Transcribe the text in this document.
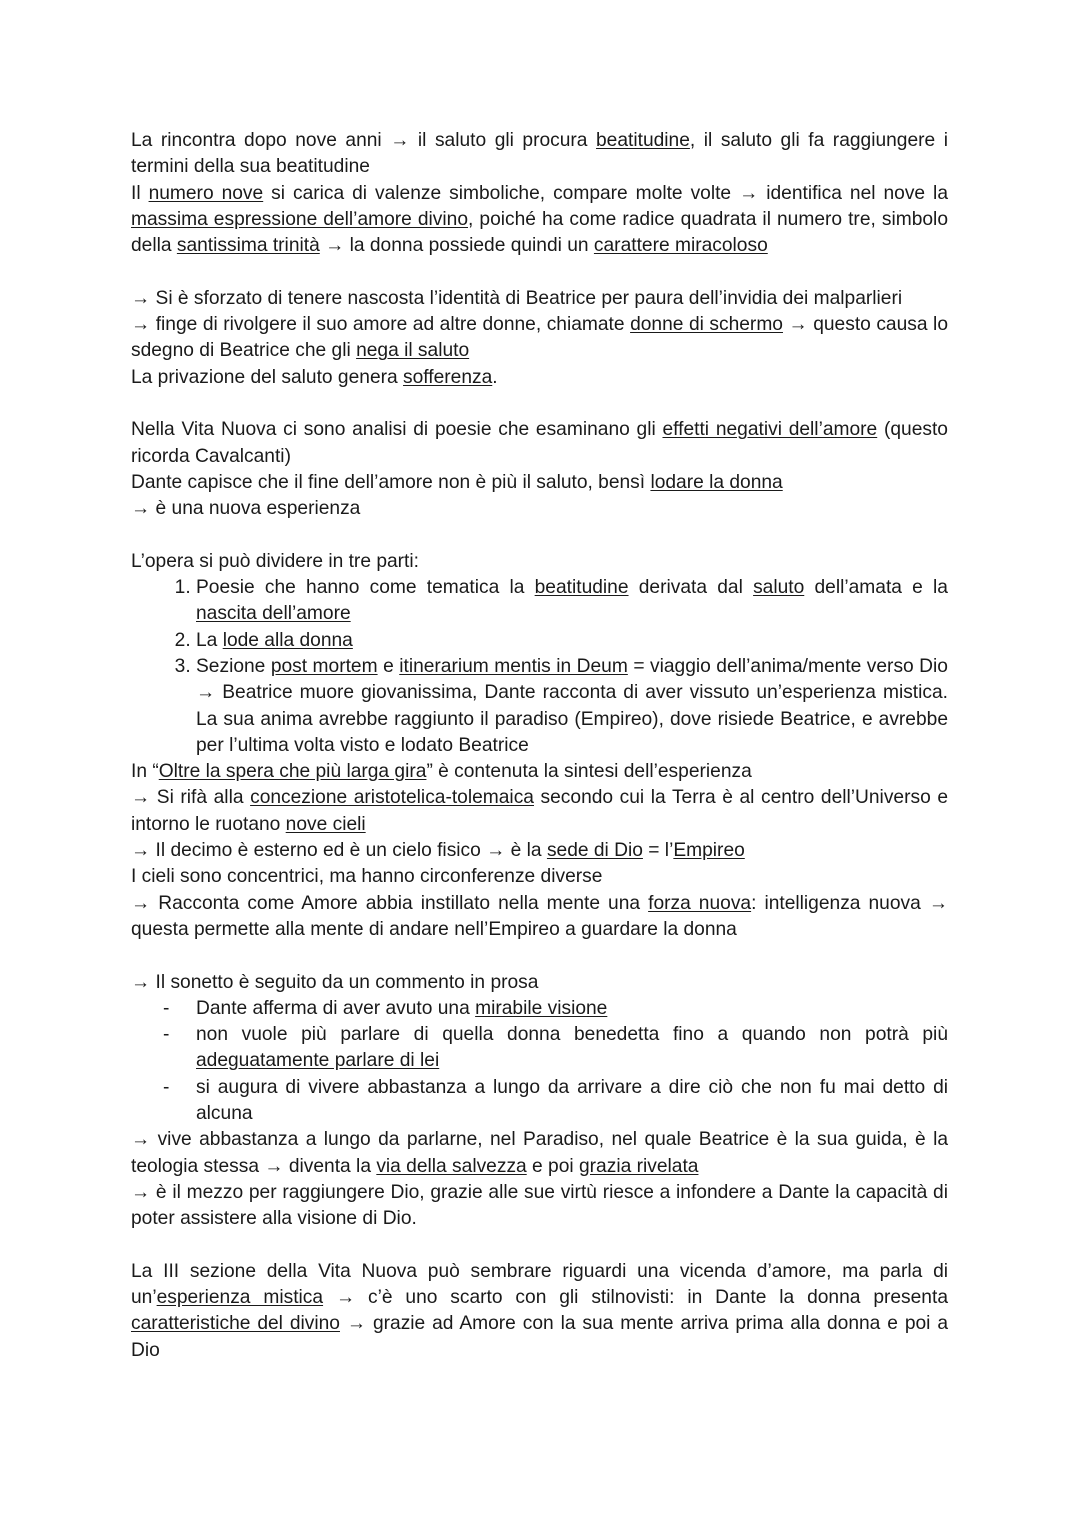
La rincontra dopo nove anni → il saluto gli procura beatitudine, il saluto gli fa raggiungere i termini della sua beatitudine

Il numero nove si carica di valenze simboliche, compare molte volte → identifica nel nove la massima espressione dell’amore divino, poiché ha come radice quadrata il numero tre, simbolo della santissima trinità → la donna possiede quindi un carattere miracoloso

→ Si è sforzato di tenere nascosta l’identità di Beatrice per paura dell’invidia dei malparlieri

→ finge di rivolgere il suo amore ad altre donne, chiamate donne di schermo → questo causa lo sdegno di Beatrice che gli nega il saluto

La privazione del saluto genera sofferenza.

Nella Vita Nuova ci sono analisi di poesie che esaminano gli effetti negativi dell’amore (questo ricorda Cavalcanti)

Dante capisce che il fine dell’amore non è più il saluto, bensì lodare la donna

→ è una nuova esperienza

L’opera si può dividere in tre parti:

1. Poesie che hanno come tematica la beatitudine derivata dal saluto dell’amata e la nascita dell’amore
2. La lode alla donna
3. Sezione post mortem e itinerarium mentis in Deum = viaggio dell’anima/mente verso Dio → Beatrice muore giovanissima, Dante racconta di aver vissuto un’esperienza mistica. La sua anima avrebbe raggiunto il paradiso (Empireo), dove risiede Beatrice, e avrebbe per l’ultima volta visto e lodato Beatrice

In “Oltre la spera che più larga gira” è contenuta la sintesi dell’esperienza

→ Si rifà alla concezione aristotelica-tolemaica secondo cui la Terra è al centro dell’Universo e intorno le ruotano nove cieli

→ Il decimo è esterno ed è un cielo fisico → è la sede di Dio = l’Empireo

I cieli sono concentrici, ma hanno circonferenze diverse

→ Racconta come Amore abbia instillato nella mente una forza nuova: intelligenza nuova → questa permette alla mente di andare nell’Empireo a guardare la donna

→ Il sonetto è seguito da un commento in prosa

- Dante afferma di aver avuto una mirabile visione
- non vuole più parlare di quella donna benedetta fino a quando non potrà più adeguatamente parlare di lei
- si augura di vivere abbastanza a lungo da arrivare a dire ciò che non fu mai detto di alcuna

→ vive abbastanza a lungo da parlarne, nel Paradiso, nel quale Beatrice è la sua guida, è la teologia stessa → diventa la via della salvezza e poi grazia rivelata

→ è il mezzo per raggiungere Dio, grazie alle sue virtù riesce a infondere a Dante la capacità di poter assistere alla visione di Dio.

La III sezione della Vita Nuova può sembrare riguardi una vicenda d’amore, ma parla di un’esperienza mistica → c’è uno scarto con gli stilnovisti: in Dante la donna presenta caratteristiche del divino → grazie ad Amore con la sua mente arriva prima alla donna e poi a Dio
